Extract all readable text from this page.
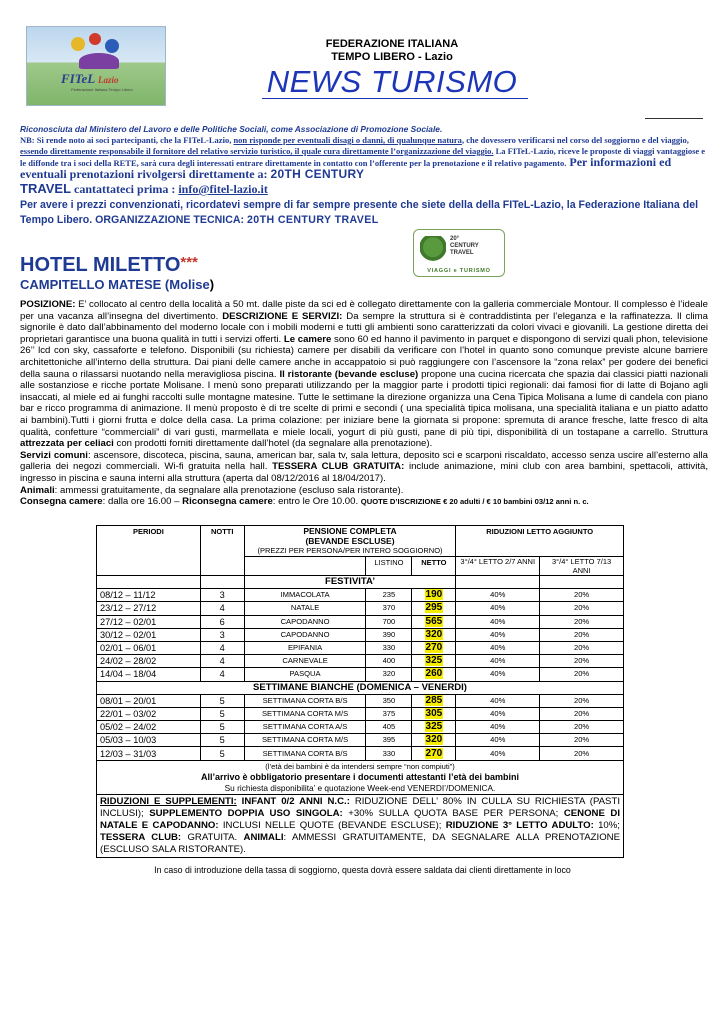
FITeL Lazio
Federazione Italiana Tempo Libero
FEDERAZIONE ITALIANA
TEMPO LIBERO - Lazio
NEWS TURISMO
Riconosciuta dal Ministero del Lavoro e delle Politiche Sociali, come Associazione di Promozione Sociale.
NB: Si rende noto ai soci partecipanti, che la FITeL-Lazio, non risponde per eventuali disagi o danni, di qualunque natura, che dovessero verificarsi nel corso del soggiorno e del viaggio, essendo direttamente responsabile il fornitore del relativo servizio turistico, il quale cura direttamente l’organizzazione del viaggio. La FITeL-Lazio, riceve le proposte di viaggi vantaggiose e le diffonde tra i soci della RETE, sarà cura degli interessati entrare direttamente in contatto con l’offerente per la prenotazione e il relativo pagamento. Per informazioni ed eventuali prenotazioni rivolgersi direttamente a: 20TH CENTURY
TRAVEL cantattateci prima : info@fitel-lazio.it
Per avere i prezzi convenzionati, ricordatevi sempre di far sempre presente che siete della della FITeL-Lazio, la Federazione Italiana del Tempo Libero. ORGANIZZAZIONE TECNICA: 20TH CENTURY TRAVEL
HOTEL MILETTO***
CAMPITELLO MATESE (Molise)
20°
CENTURY
TRAVEL
VIAGGI e TURISMO
POSIZIONE: E’ collocato al centro della località a 50 mt. dalle piste da sci ed è collegato direttamente con la galleria commerciale Montour. Il complesso è l’ideale per una vacanza all’insegna del divertimento. DESCRIZIONE E SERVIZI: Da sempre la struttura si è contraddistinta per l’eleganza e la raffinatezza. Il clima signorile è dato dall’abbinamento del moderno locale con i mobili moderni e tutti gli ambienti sono caratterizzati da colori vivaci e giovanili. La gestione diretta dei proprietari garantisce una buona qualità in tutti i servizi offerti. Le camere sono 60 ed hanno il pavimento in parquet e dispongono di servizi quali phon, televisione 26’’ lcd con sky, cassaforte e telefono. Disponibili (su richiesta) camere per disabili da verificare con l’hotel in quanto sono comunque previste alcune barriere architettoniche all’interno della struttura. Dai piani delle camere anche in accappatoio si può raggiungere con l’ascensore la “zona relax” per godere dei benefici della sauna o rilassarsi nuotando nella meravigliosa piscina. Il ristorante (bevande escluse) propone una cucina ricercata che spazia dai classici piatti nazionali alle sostanziose e ricche portate Molisane. I menù sono preparati utilizzando per la maggior parte i prodotti tipici regionali: dai famosi fior di latte di Bojano agli insaccati, al miele ed ai funghi raccolti sulle montagne matesine. Tutte le settimane la direzione organizza una Cena Tipica Molisana a lume di candela con piano bar e ricco programma di animazione. Il menù proposto è di tre scelte di primi e secondi ( una specialità tipica molisana, una specialità italiana e un piatto adatto ai bambini).Tutti i giorni frutta e dolce della casa. La prima colazione: per iniziare bene la giornata si propone: spremuta di arance fresche, latte fresco di alta qualità, confetture “commerciali” di vari gusti, marmellata e miele locali, yogurt di più gusti, pane di più tipi, disponibilità di un tostapane a carrello. Struttura attrezzata per celiaci con prodotti forniti direttamente dall’hotel (da segnalare alla prenotazione).
Servizi comuni: ascensore, discoteca, piscina, sauna, american bar, sala tv, sala lettura, deposito sci e scarponi riscaldato, accesso senza uscire all’esterno alla galleria dei negozi commerciali. Wi-fi gratuita nella hall. TESSERA CLUB GRATUITA: include animazione, mini club con area bambini, spettacoli, attività, ingresso in piscina e sauna interni alla struttura (aperta dal 08/12/2016 al 18/04/2017).
Animali: ammessi gratuitamente, da segnalare alla prenotazione (escluso sala ristorante).
Consegna camere: dalla ore 16.00 – Riconsegna camere: entro le Ore 10.00. QUOTE D’ISCRIZIONE € 20 adulti / € 10 bambini 03/12 anni n. c.
PERIODI	NOTTI	PENSIONE COMPLETA
(BEVANDE ESCLUSE)
(PREZZI PER PERSONA/PER INTERO SOGGIORNO)			RIDUZIONI LETTO AGGIUNTO	
			LISTINO	NETTO	3°/4° LETTO 2/7 ANNI	3°/4° LETTO 7/13 ANNI
		FESTIVITA’				
08/12 – 11/12	3	IMMACOLATA	235	190	40%	20%
23/12 – 27/12	4	NATALE	370	295	40%	20%
27/12 – 02/01	6	CAPODANNO	700	565	40%	20%
30/12 – 02/01	3	CAPODANNO	390	320	40%	20%
02/01 – 06/01	4	EPIFANIA	330	270	40%	20%
24/02 – 28/02	4	CARNEVALE	400	325	40%	20%
14/04 – 18/04	4	PASQUA	320	260	40%	20%
SETTIMANE BIANCHE (DOMENICA – VENERDI)						
08/01 – 20/01	5	SETTIMANA CORTA B/S	350	285	40%	20%
22/01 – 03/02	5	SETTIMANA CORTA M/S	375	305	40%	20%
05/02 – 24/02	5	SETTIMANA CORTA A/S	405	325	40%	20%
05/03 – 10/03	5	SETTIMANA CORTA M/S	395	320	40%	20%
12/03 – 31/03	5	SETTIMANA CORTA B/S	330	270	40%	20%

(l’età dei bambini è da intendersi sempre “non compiuti”)
All’arrivo è obbligatorio presentare i documenti attestanti l’età dei bambini
Su richiesta disponibilita’ e quotazione Week-end VENERDI’/DOMENICA.						

RIDUZIONI E SUPPLEMENTI: INFANT 0/2 ANNI N.C.: RIDUZIONE DELL’ 80% IN CULLA SU RICHIESTA (PASTI INCLUSI); SUPPLEMENTO DOPPIA USO SINGOLA: +30% SULLA QUOTA BASE PER PERSONA; CENONE DI NATALE E CAPODANNO: INCLUSI NELLE QUOTE (BEVANDE ESCLUSE); RIDUZIONE 3° LETTO ADULTO: 10%; TESSERA CLUB: GRATUITA. ANIMALI: AMMESSI GRATUITAMENTE, DA SEGNALARE ALLA PRENOTAZIONE (ESCLUSO SALA RISTORANTE).						
In caso di introduzione della tassa di soggiorno, questa dovrà essere saldata dai clienti direttamente in loco
